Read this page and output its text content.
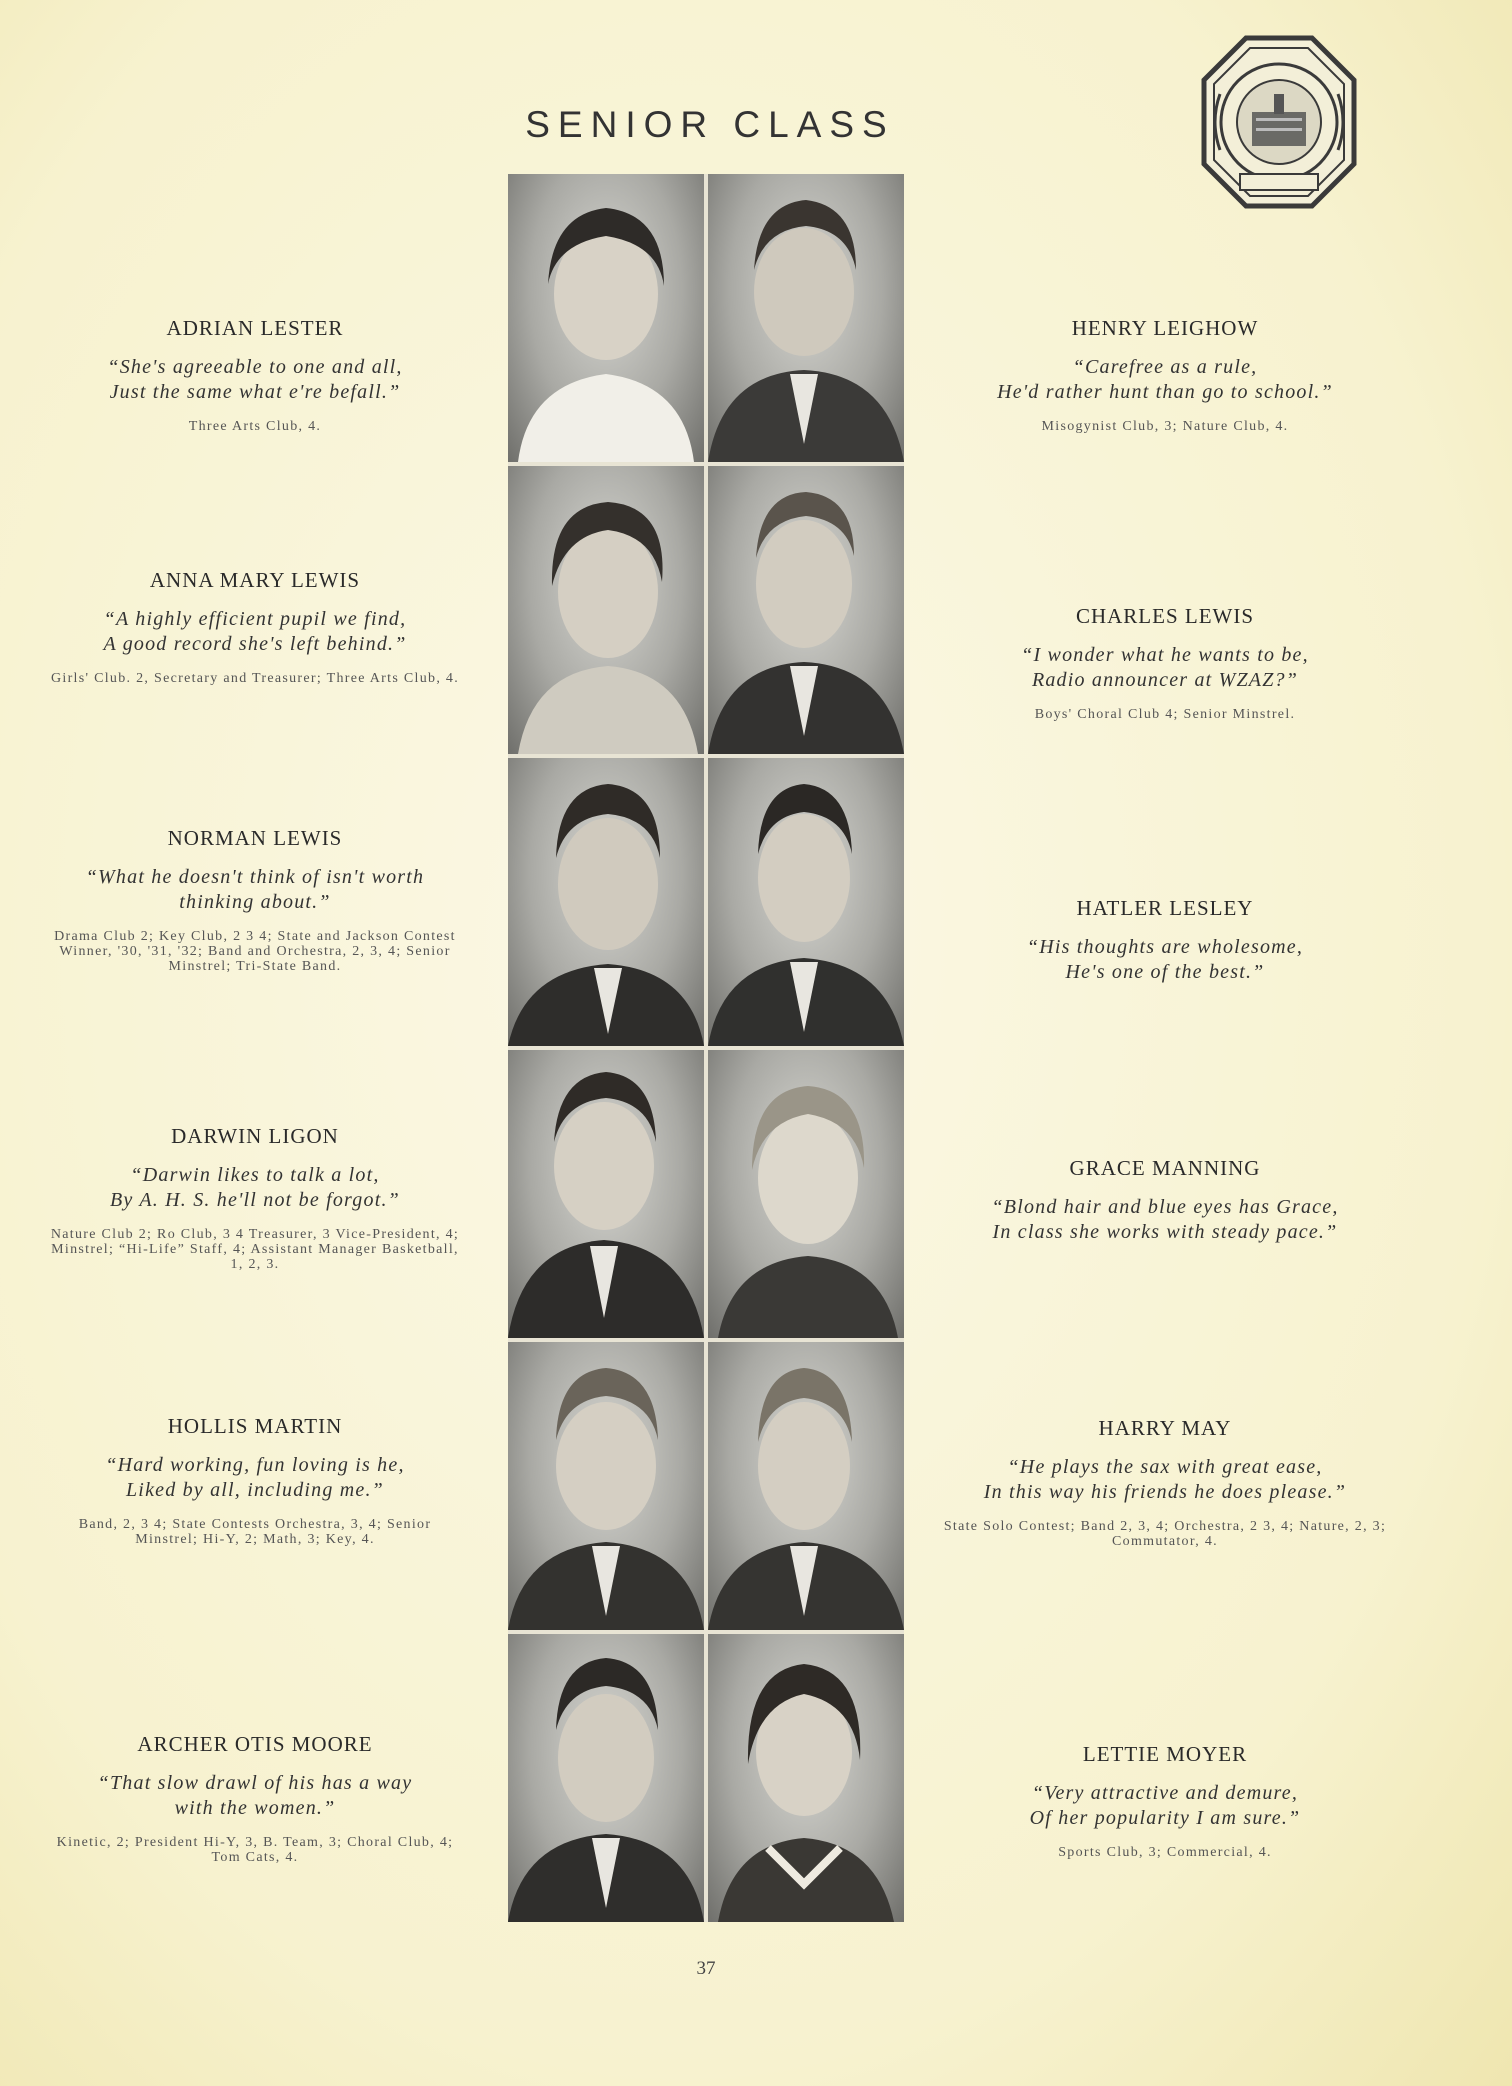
SENIOR CLASS
ADRIAN LESTER
“She's agreeable to one and all,
Just the same what e're befall.”
Three Arts Club, 4.
ANNA MARY LEWIS
“A highly efficient pupil we find,
A good record she's left behind.”
Girls' Club. 2, Secretary and Treasurer; Three Arts Club, 4.
NORMAN LEWIS
“What he doesn't think of isn't worth
thinking about.”
Drama Club 2; Key Club, 2 3 4; State and Jackson Contest Winner, '30, '31, '32; Band and Orchestra, 2, 3, 4; Senior Minstrel; Tri-State Band.
DARWIN LIGON
“Darwin likes to talk a lot,
By A. H. S. he'll not be forgot.”
Nature Club 2; Ro Club, 3 4 Treasurer, 3 Vice-President, 4; Minstrel; “Hi-Life” Staff, 4; Assistant Manager Basketball, 1, 2, 3.
HOLLIS MARTIN
“Hard working, fun loving is he,
Liked by all, including me.”
Band, 2, 3 4; State Contests Orchestra, 3, 4; Senior Minstrel; Hi-Y, 2; Math, 3; Key, 4.
ARCHER OTIS MOORE
“That slow drawl of his has a way
with the women.”
Kinetic, 2; President Hi-Y, 3, B. Team, 3; Choral Club, 4; Tom Cats, 4.
HENRY LEIGHOW
“Carefree as a rule,
He'd rather hunt than go to school.”
Misogynist Club, 3; Nature Club, 4.
CHARLES LEWIS
“I wonder what he wants to be,
Radio announcer at WZAZ?”
Boys' Choral Club 4; Senior Minstrel.
HATLER LESLEY
“His thoughts are wholesome,
He's one of the best.”
GRACE MANNING
“Blond hair and blue eyes has Grace,
In class she works with steady pace.”
HARRY MAY
“He plays the sax with great ease,
In this way his friends he does please.”
State Solo Contest; Band 2, 3, 4; Orchestra, 2 3, 4; Nature, 2, 3; Commutator, 4.
LETTIE MOYER
“Very attractive and demure,
Of her popularity I am sure.”
Sports Club, 3; Commercial, 4.
37
